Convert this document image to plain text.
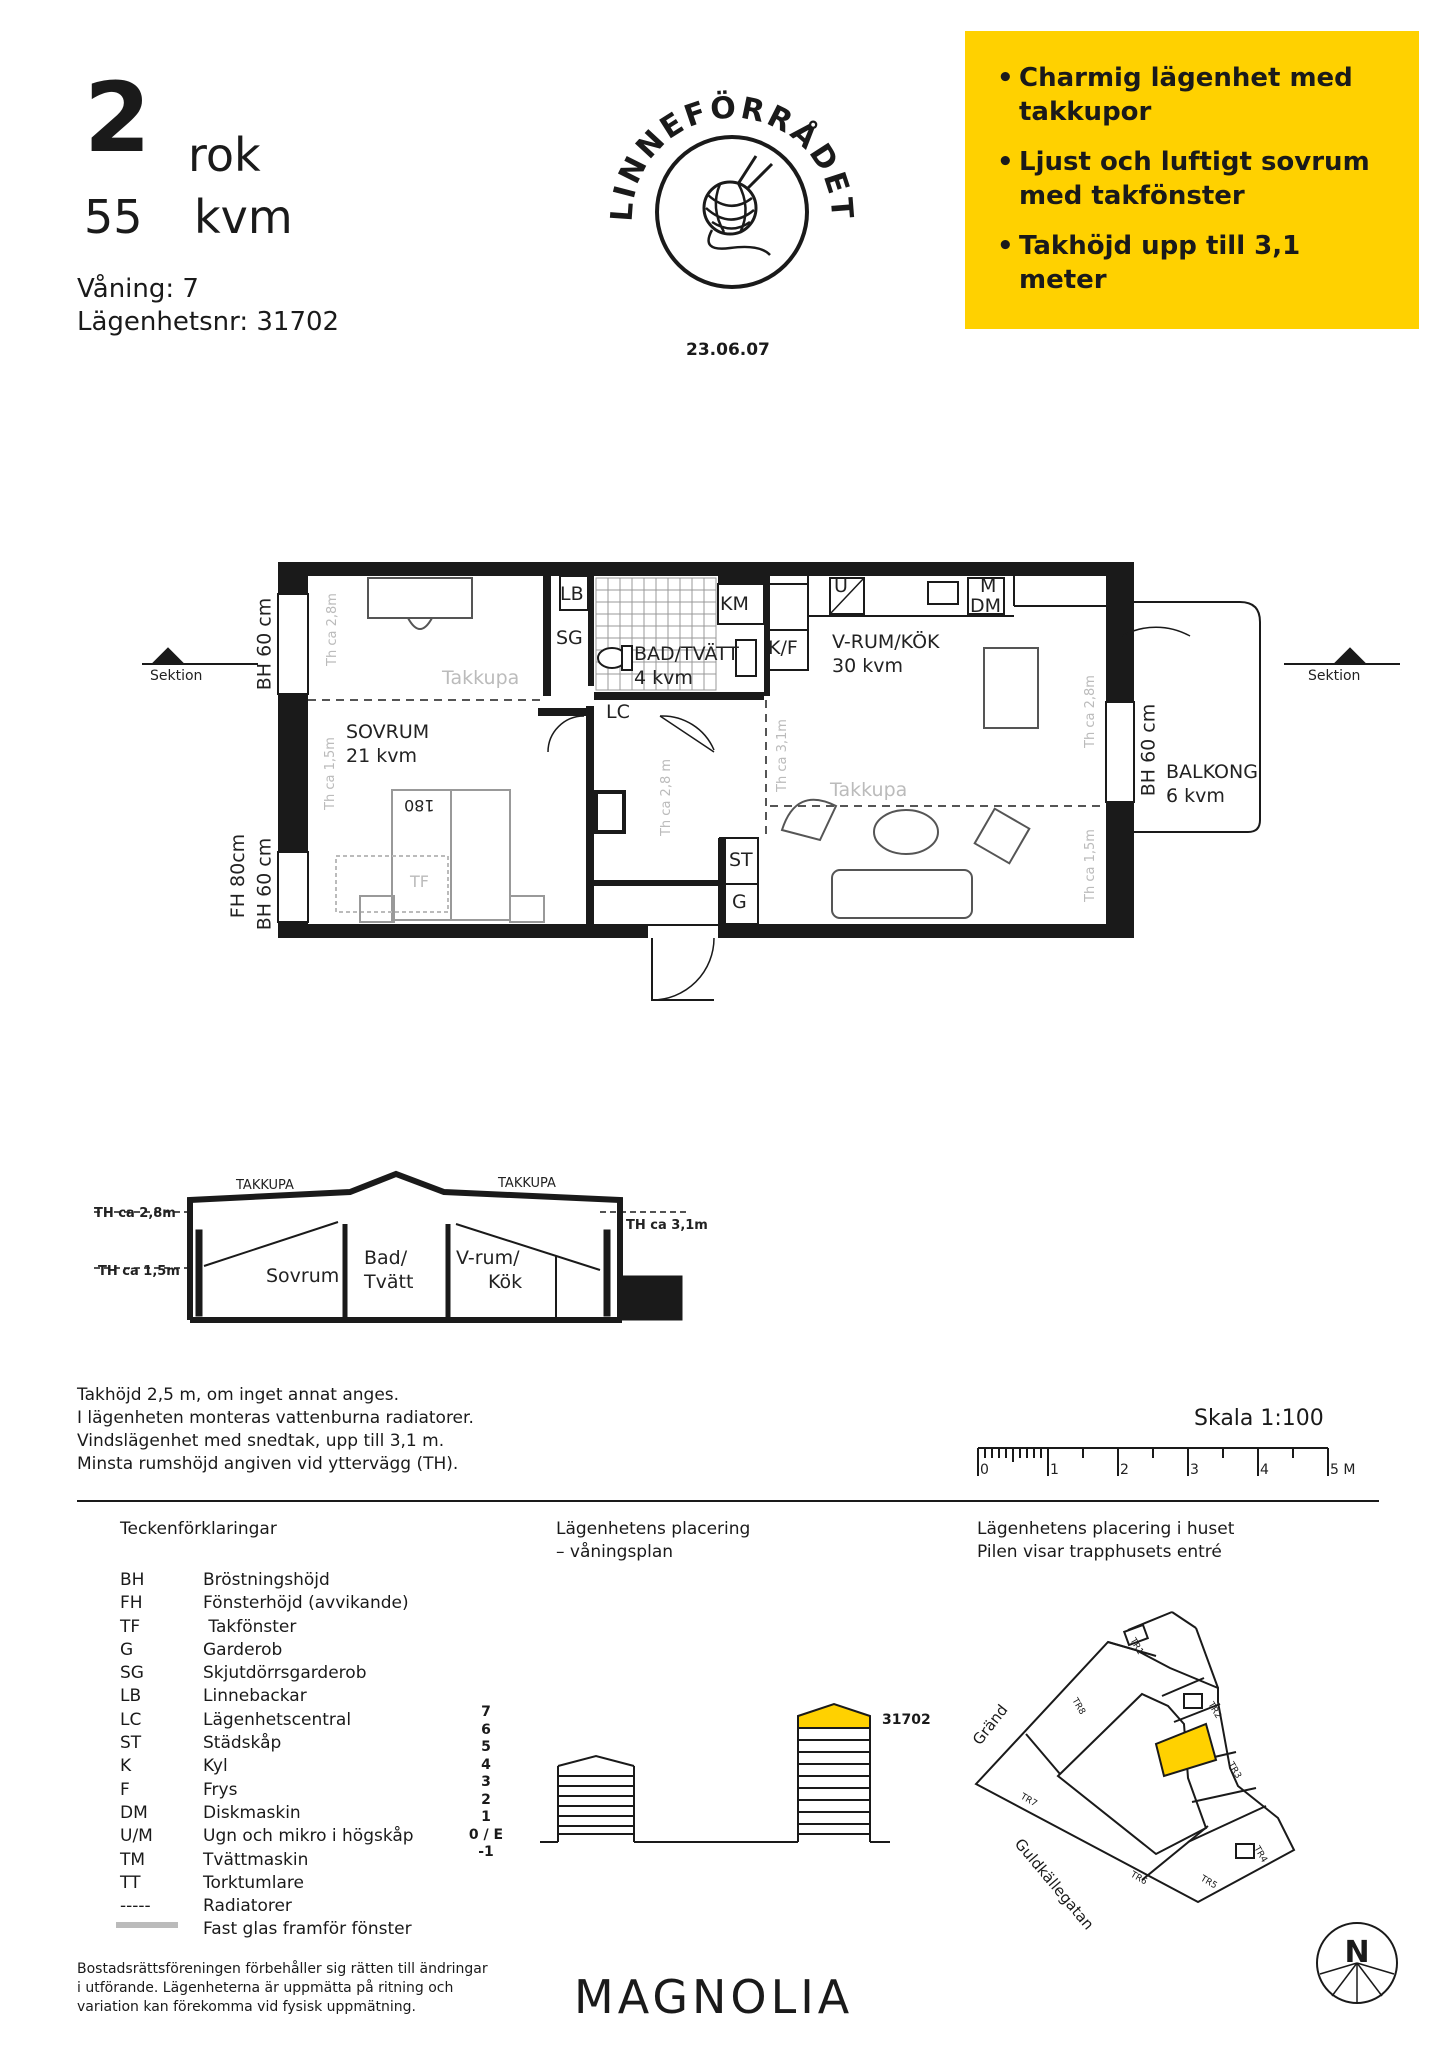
2 rok
55 kvm
Våning: 7
Lägenhetsnr: 31702
LINNEFÖRRÅDET
23.06.07
• Charmig lägenhet med takkupor
• Ljust och luftigt sovrum med takfönster
• Takhöjd upp till 3,1 meter
Sektion	Sektion
SOVRUM
21 kvm
BAD/TVÄTT
4 kvm
V-RUM/KÖK
30 kvm
BALKONG
6 kvm
Takkupa
Takkupa
LB
SG
KM
K/F
LC
U	M
DM
ST
G
TF
180
BH 60 cm
BH 60 cm
FH 80cm
BH 60 cm
Th ca 2,8m
Th ca 1,5m	Th ca 2,8 m
Th ca 3,1m
Th ca 2,8m
Th ca 1,5m
TAKKUPA	TAKKUPA
TH ca 2,8m
TH ca 1,5m
TH ca 3,1m
Sovrum
Bad/
Tvätt
V-rum/
Kök
Takhöjd 2,5 m, om inget annat anges.
I lägenheten monteras vattenburna radiatorer.
Vindslägenhet med snedtak, upp till 3,1 m.
Minsta rumshöjd angiven vid yttervägg (TH).
Skala 1:100
0	1	2	3	4	5 M
Teckenförklaringar
BH	Bröstningshöjd
FH	Fönsterhöjd (avvikande)
TF	Takfönster
G	Garderob
SG	Skjutdörrsgarderob
LB	Linnebackar
LC	Lägenhetscentral
ST	Städskåp
K	Kyl
F	Frys
DM	Diskmaskin
U/M	Ugn och mikro i högskåp
TM	Tvättmaskin
TT	Torktumlare
-----	Radiatorer
Fast glas framför fönster
Lägenhetens placering
– våningsplan
7
6
5
4
3
2
1
0 / E
-1
31702
Lägenhetens placering i huset
Pilen visar trapphusets entré
TR1
TR2
TR3
TR4
TR5
TR6
TR7
TR8
Gränd
Guldkällegatan
N
Bostadsrättsföreningen förbehåller sig rätten till ändringar
i utförande. Lägenheterna är uppmätta på ritning och
variation kan förekomma vid fysisk uppmätning.	MAGNOLIA
